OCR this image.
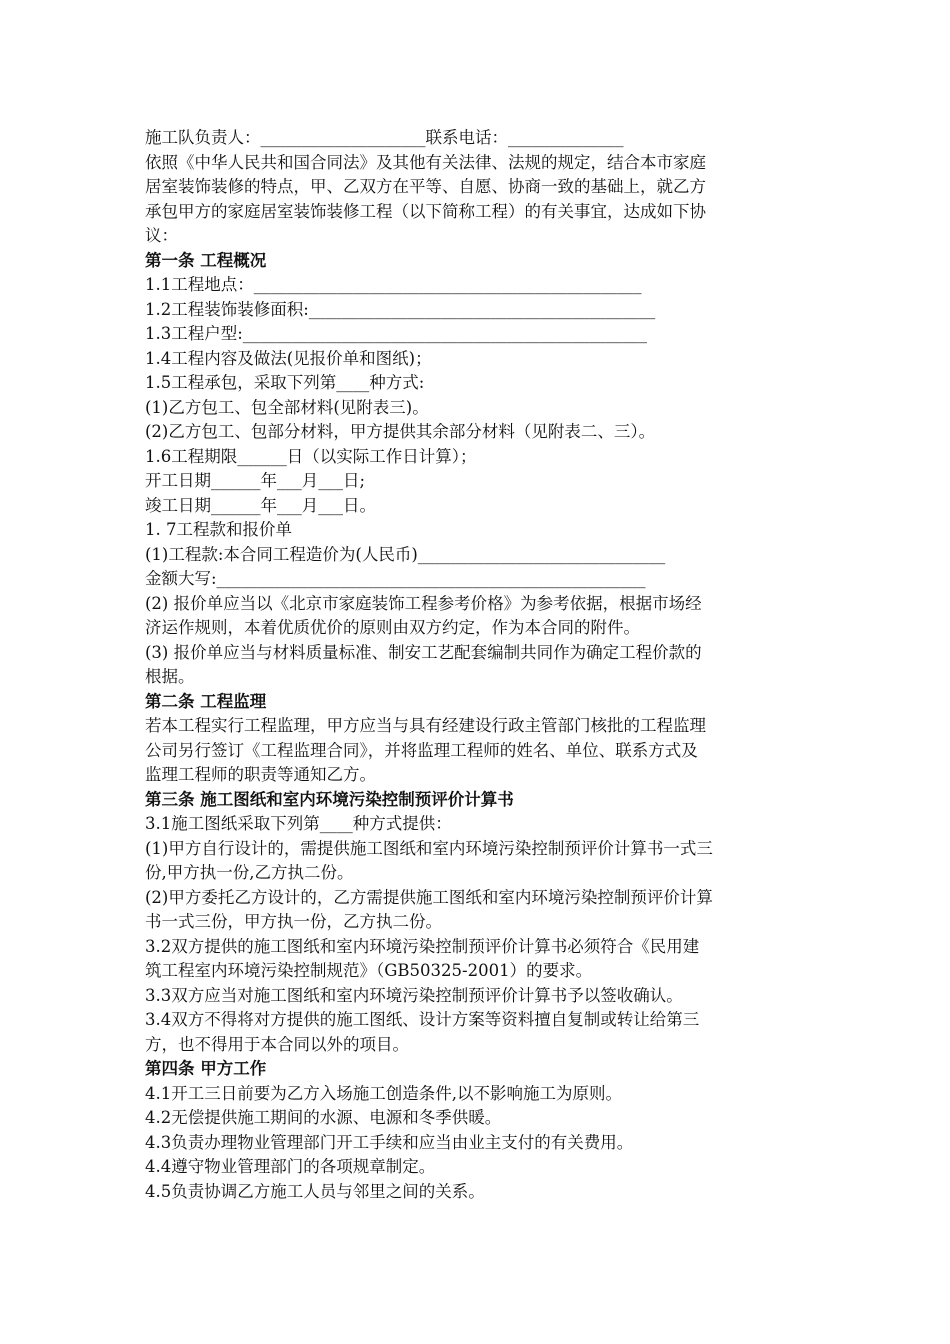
施工队负责人：____________________联系电话：______________
依照《中华人民共和国合同法》及其他有关法律、法规的规定，结合本市家庭
居室装饰装修的特点，甲、乙双方在平等、自愿、协商一致的基础上，就乙方
承包甲方的家庭居室装饰装修工程（以下简称工程）的有关事宜，达成如下协
议：
第一条 工程概况
1.1工程地点：_______________________________________________
1.2工程装饰装修面积:__________________________________________
1.3工程户型:_________________________________________________
1.4工程内容及做法(见报价单和图纸)；
1.5工程承包，采取下列第____种方式:
(1)乙方包工、包全部材料(见附表三)。
(2)乙方包工、包部分材料，甲方提供其余部分材料（见附表二、三）。
1.6工程期限______日（以实际工作日计算）；
开工日期______年___月___日;
竣工日期______年___月___日。
1. 7工程款和报价单
(1)工程款:本合同工程造价为(人民币)______________________________
金额大写:____________________________________________________
(2) 报价单应当以《北京市家庭装饰工程参考价格》为参考依据，根据市场经
济运作规则，本着优质优价的原则由双方约定，作为本合同的附件。
(3) 报价单应当与材料质量标准、制安工艺配套编制共同作为确定工程价款的
根据。
第二条 工程监理
若本工程实行工程监理，甲方应当与具有经建设行政主管部门核批的工程监理
公司另行签订《工程监理合同》，并将监理工程师的姓名、单位、联系方式及
监理工程师的职责等通知乙方。
第三条 施工图纸和室内环境污染控制预评价计算书
3.1施工图纸采取下列第____种方式提供：
(1)甲方自行设计的，需提供施工图纸和室内环境污染控制预评价计算书一式三
份,甲方执一份,乙方执二份。
(2)甲方委托乙方设计的，乙方需提供施工图纸和室内环境污染控制预评价计算
书一式三份，甲方执一份，乙方执二份。
3.2双方提供的施工图纸和室内环境污染控制预评价计算书必须符合《民用建
筑工程室内环境污染控制规范》（GB50325-2001）的要求。
3.3双方应当对施工图纸和室内环境污染控制预评价计算书予以签收确认。
3.4双方不得将对方提供的施工图纸、设计方案等资料擅自复制或转让给第三
方，也不得用于本合同以外的项目。
第四条 甲方工作
4.1开工三日前要为乙方入场施工创造条件,以不影响施工为原则。
4.2无偿提供施工期间的水源、电源和冬季供暖。
4.3负责办理物业管理部门开工手续和应当由业主支付的有关费用。
4.4遵守物业管理部门的各项规章制定。
4.5负责协调乙方施工人员与邻里之间的关系。
